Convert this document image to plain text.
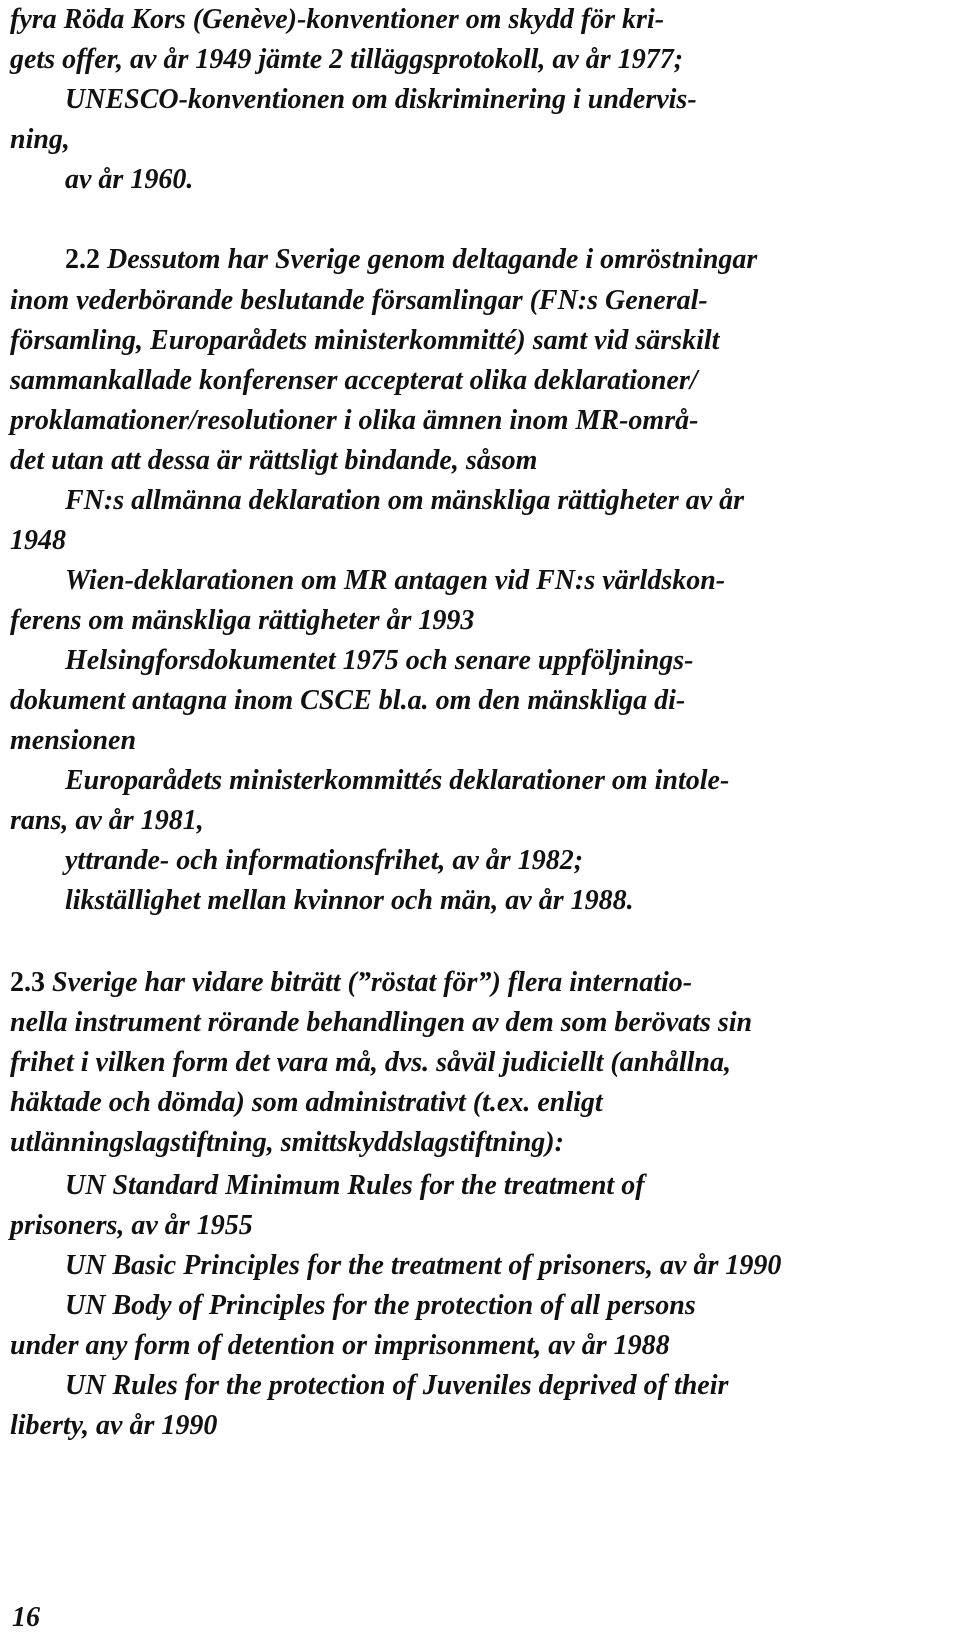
fyra Röda Kors (Genève)-konventioner om skydd för kri-
gets offer, av år 1949 jämte 2 tilläggsprotokoll, av år 1977;
UNESCO-konventionen om diskriminering i undervis-
ning,
av år 1960.
2.2 Dessutom har Sverige genom deltagande i omröstningar
inom vederbörande beslutande församlingar (FN:s General-
församling, Europarådets ministerkommitté) samt vid särskilt
sammankallade konferenser accepterat olika deklarationer/
proklamationer/resolutioner i olika ämnen inom MR-områ-
det utan att dessa är rättsligt bindande, såsom
FN:s allmänna deklaration om mänskliga rättigheter av år
1948
Wien-deklarationen om MR antagen vid FN:s världskon-
ferens om mänskliga rättigheter år 1993
Helsingforsdokumentet 1975 och senare uppföljnings-
dokument antagna inom CSCE bl.a. om den mänskliga di-
mensionen
Europarådets ministerkommittés deklarationer om intole-
rans, av år 1981,
yttrande- och informationsfrihet, av år 1982;
likställighet mellan kvinnor och män, av år 1988.
2.3 Sverige har vidare biträtt (”röstat för”) flera internatio-
nella instrument rörande behandlingen av dem som berövats sin
frihet i vilken form det vara må, dvs. såväl judiciellt (anhållna,
häktade och dömda) som administrativt (t.ex. enligt
utlänningslagstiftning, smittskyddslagstiftning):
UN Standard Minimum Rules for the treatment of
prisoners, av år 1955
UN Basic Principles for the treatment of prisoners, av år 1990
UN Body of Principles for the protection of all persons
under any form of detention or imprisonment, av år 1988
UN Rules for the protection of Juveniles deprived of their
liberty, av år 1990
16
